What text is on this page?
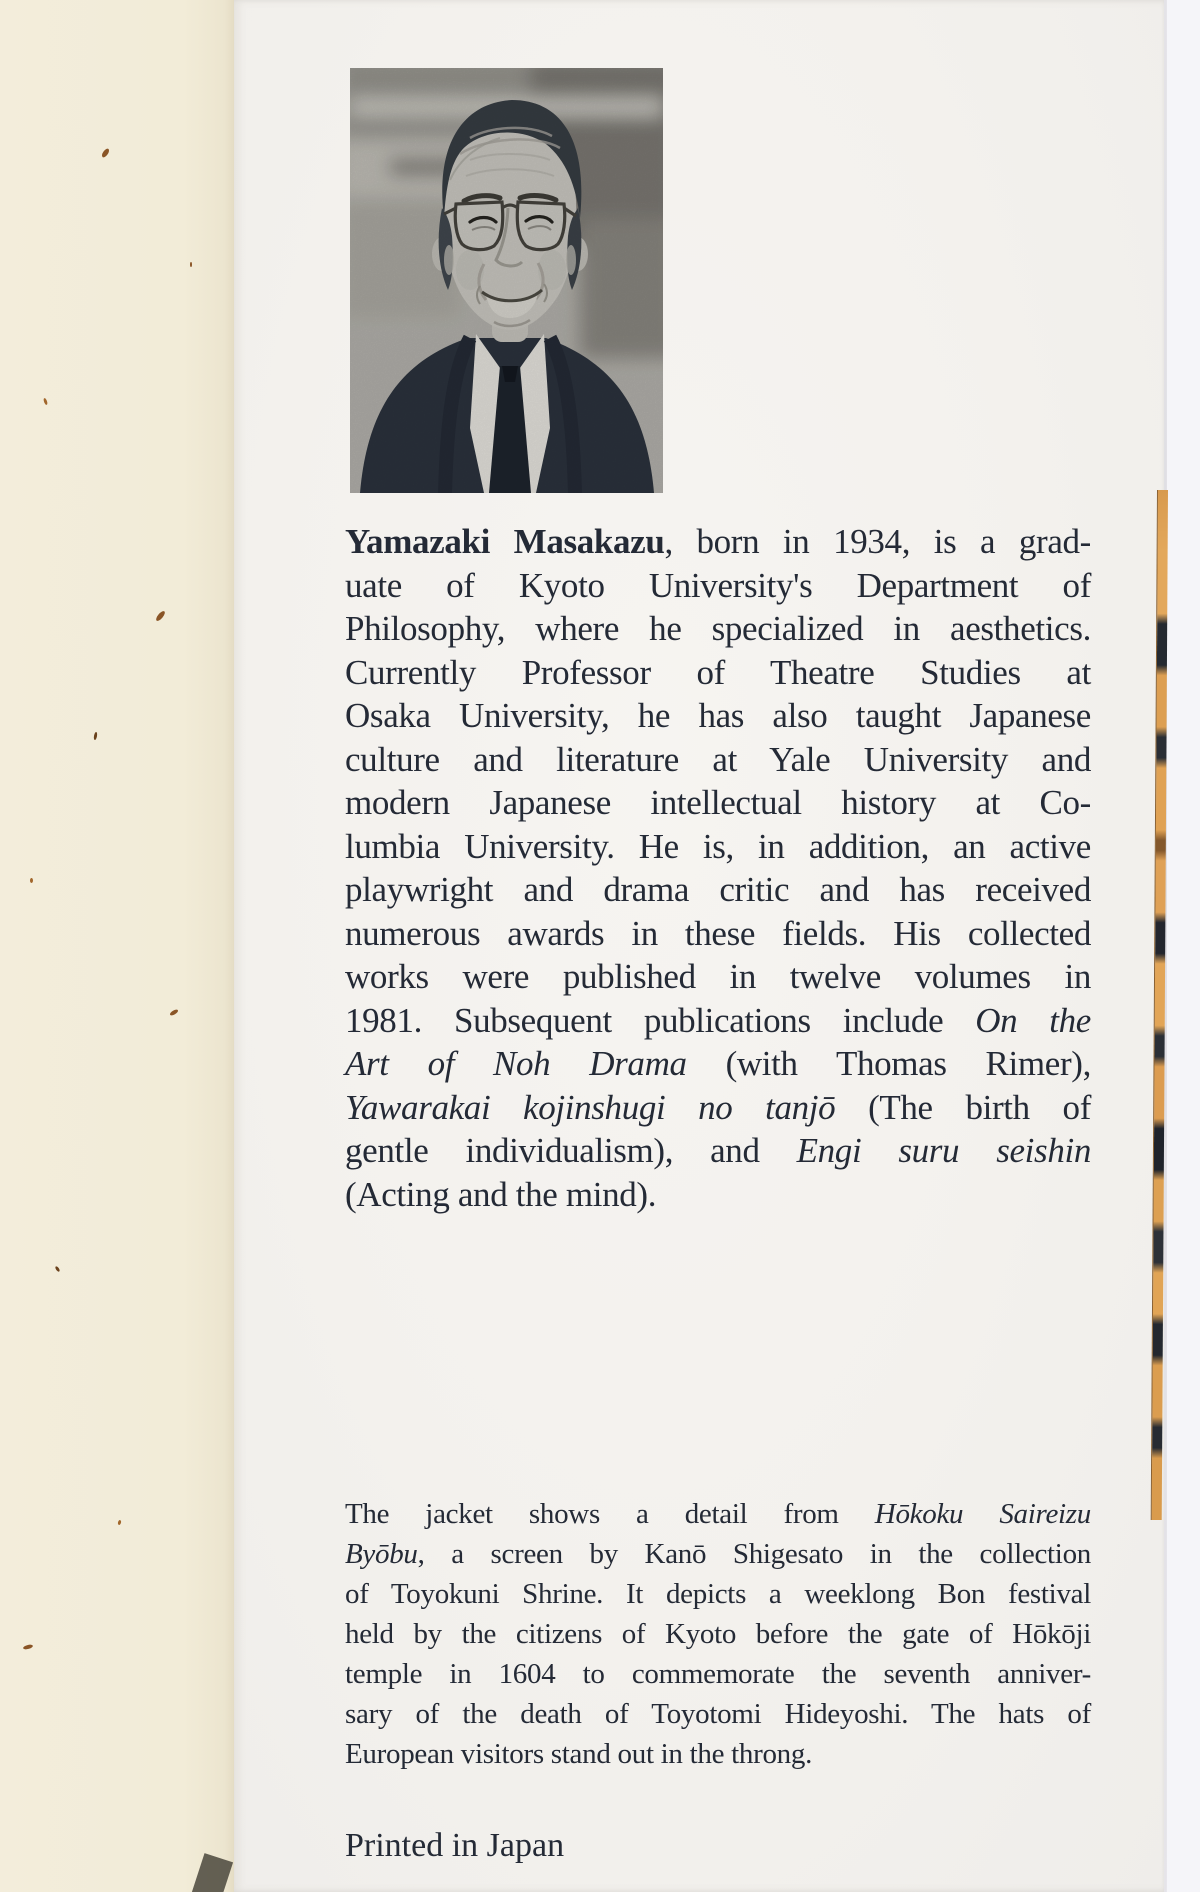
Yamazaki Masakazu, born in 1934, is a grad-
uate of Kyoto University's Department of
Philosophy, where he specialized in aesthetics.
Currently Professor of Theatre Studies at
Osaka University, he has also taught Japanese
culture and literature at Yale University and
modern Japanese intellectual history at Co-
lumbia University. He is, in addition, an active
playwright and drama critic and has received
numerous awards in these fields. His collected
works were published in twelve volumes in
1981. Subsequent publications include On the
Art of Noh Drama (with Thomas Rimer),
Yawarakai kojinshugi no tanjō (The birth of
gentle individualism), and Engi suru seishin
(Acting and the mind).
The jacket shows a detail from Hōkoku Saireizu
Byōbu, a screen by Kanō Shigesato in the collection
of Toyokuni Shrine. It depicts a weeklong Bon festival
held by the citizens of Kyoto before the gate of Hōkōji
temple in 1604 to commemorate the seventh anniver-
sary of the death of Toyotomi Hideyoshi. The hats of
European visitors stand out in the throng.
Printed in Japan
